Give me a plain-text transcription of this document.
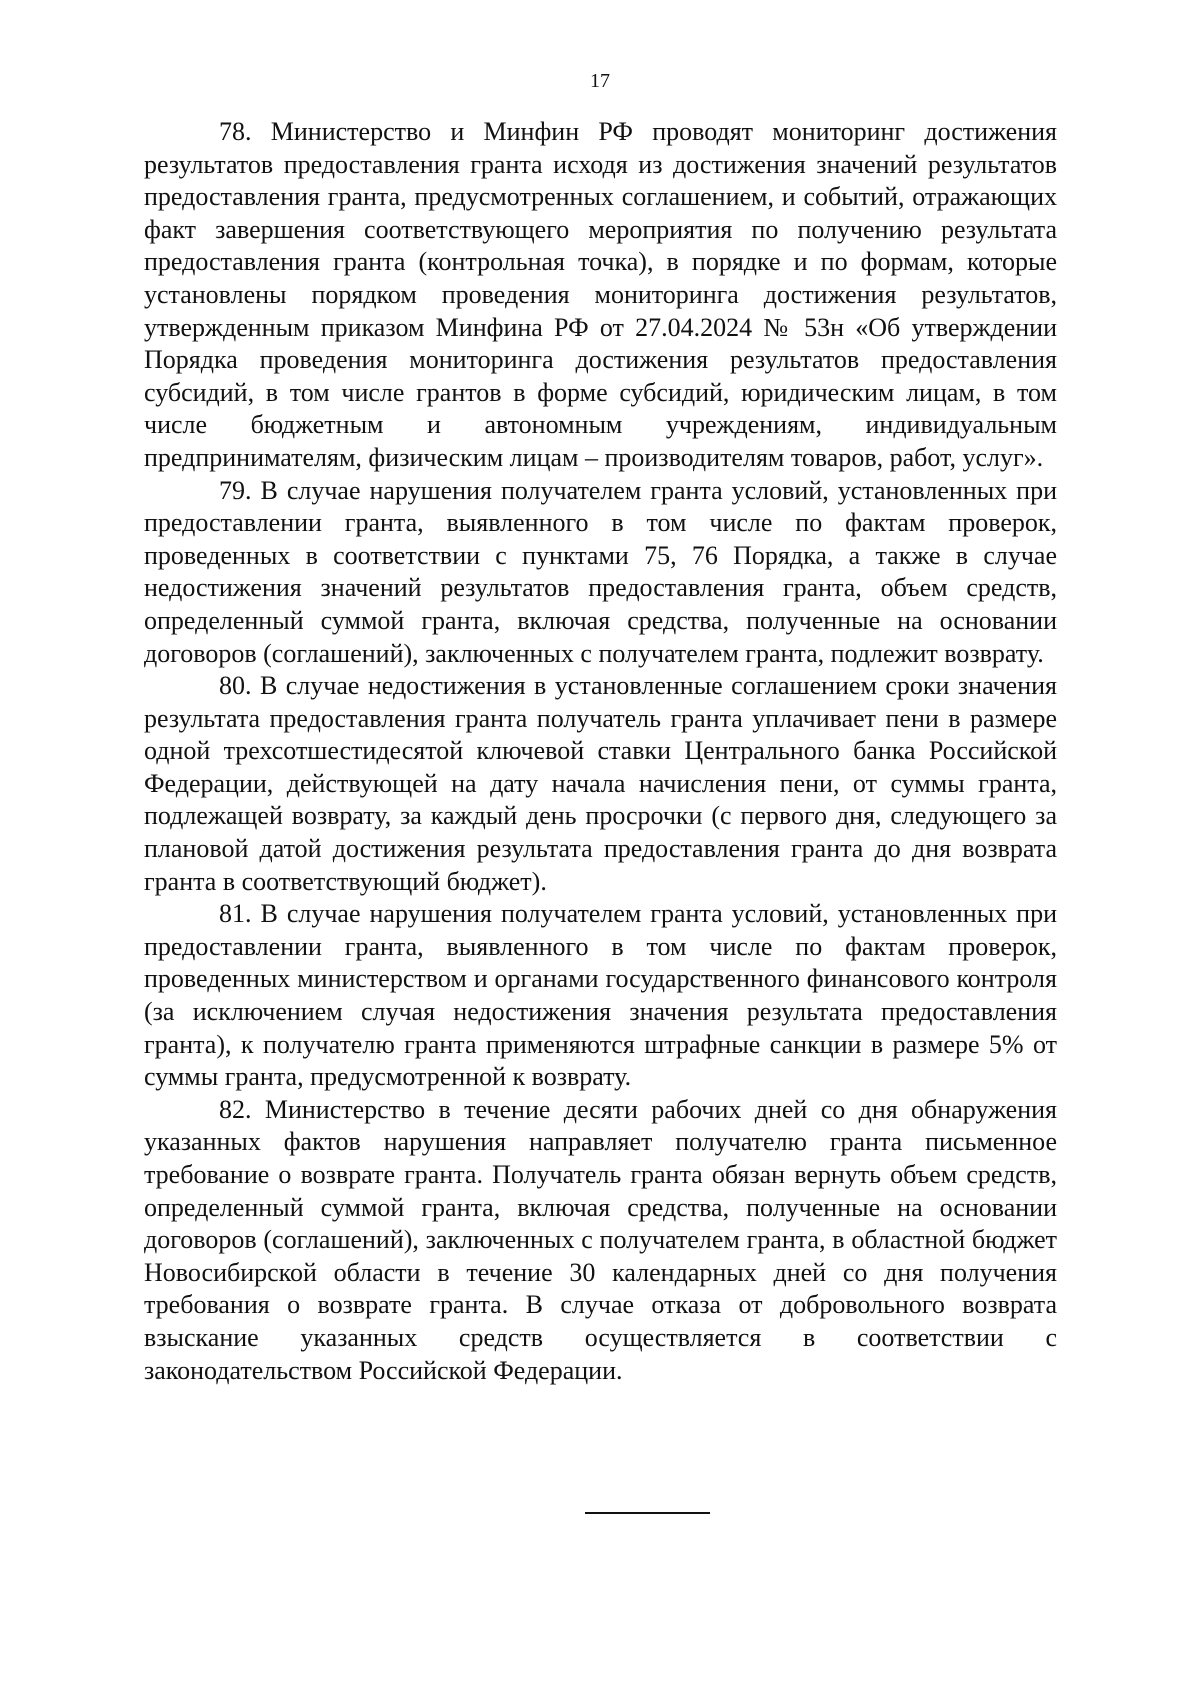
17

78. Министерство и Минфин РФ проводят мониторинг достижения результатов предоставления гранта исходя из достижения значений результатов предоставления гранта, предусмотренных соглашением, и событий, отражающих факт завершения соответствующего мероприятия по получению результата предоставления гранта (контрольная точка), в порядке и по формам, которые установлены порядком проведения мониторинга достижения результатов, утвержденным приказом Минфина РФ от 27.04.2024 № 53н «Об утверждении Порядка проведения мониторинга достижения результатов предоставления субсидий, в том числе грантов в форме субсидий, юридическим лицам, в том числе бюджетным и автономным учреждениям, индивидуальным предпринимателям, физическим лицам – производителям товаров, работ, услуг».

79. В случае нарушения получателем гранта условий, установленных при предоставлении гранта, выявленного в том числе по фактам проверок, проведенных в соответствии с пунктами 75, 76 Порядка, а также в случае недостижения значений результатов предоставления гранта, объем средств, определенный суммой гранта, включая средства, полученные на основании договоров (соглашений), заключенных с получателем гранта, подлежит возврату.

80. В случае недостижения в установленные соглашением сроки значения результата предоставления гранта получатель гранта уплачивает пени в размере одной трехсотшестидесятой ключевой ставки Центрального банка Российской Федерации, действующей на дату начала начисления пени, от суммы гранта, подлежащей возврату, за каждый день просрочки (с первого дня, следующего за плановой датой достижения результата предоставления гранта до дня возврата гранта в соответствующий бюджет).

81. В случае нарушения получателем гранта условий, установленных при предоставлении гранта, выявленного в том числе по фактам проверок, проведенных министерством и органами государственного финансового контроля (за исключением случая недостижения значения результата предоставления гранта), к получателю гранта применяются штрафные санкции в размере 5% от суммы гранта, предусмотренной к возврату.

82. Министерство в течение десяти рабочих дней со дня обнаружения указанных фактов нарушения направляет получателю гранта письменное требование о возврате гранта. Получатель гранта обязан вернуть объем средств, определенный суммой гранта, включая средства, полученные на основании договоров (соглашений), заключенных с получателем гранта, в областной бюджет Новосибирской области в течение 30 календарных дней со дня получения требования о возврате гранта. В случае отказа от добровольного возврата взыскание указанных средств осуществляется в соответствии с законодательством Российской Федерации.
